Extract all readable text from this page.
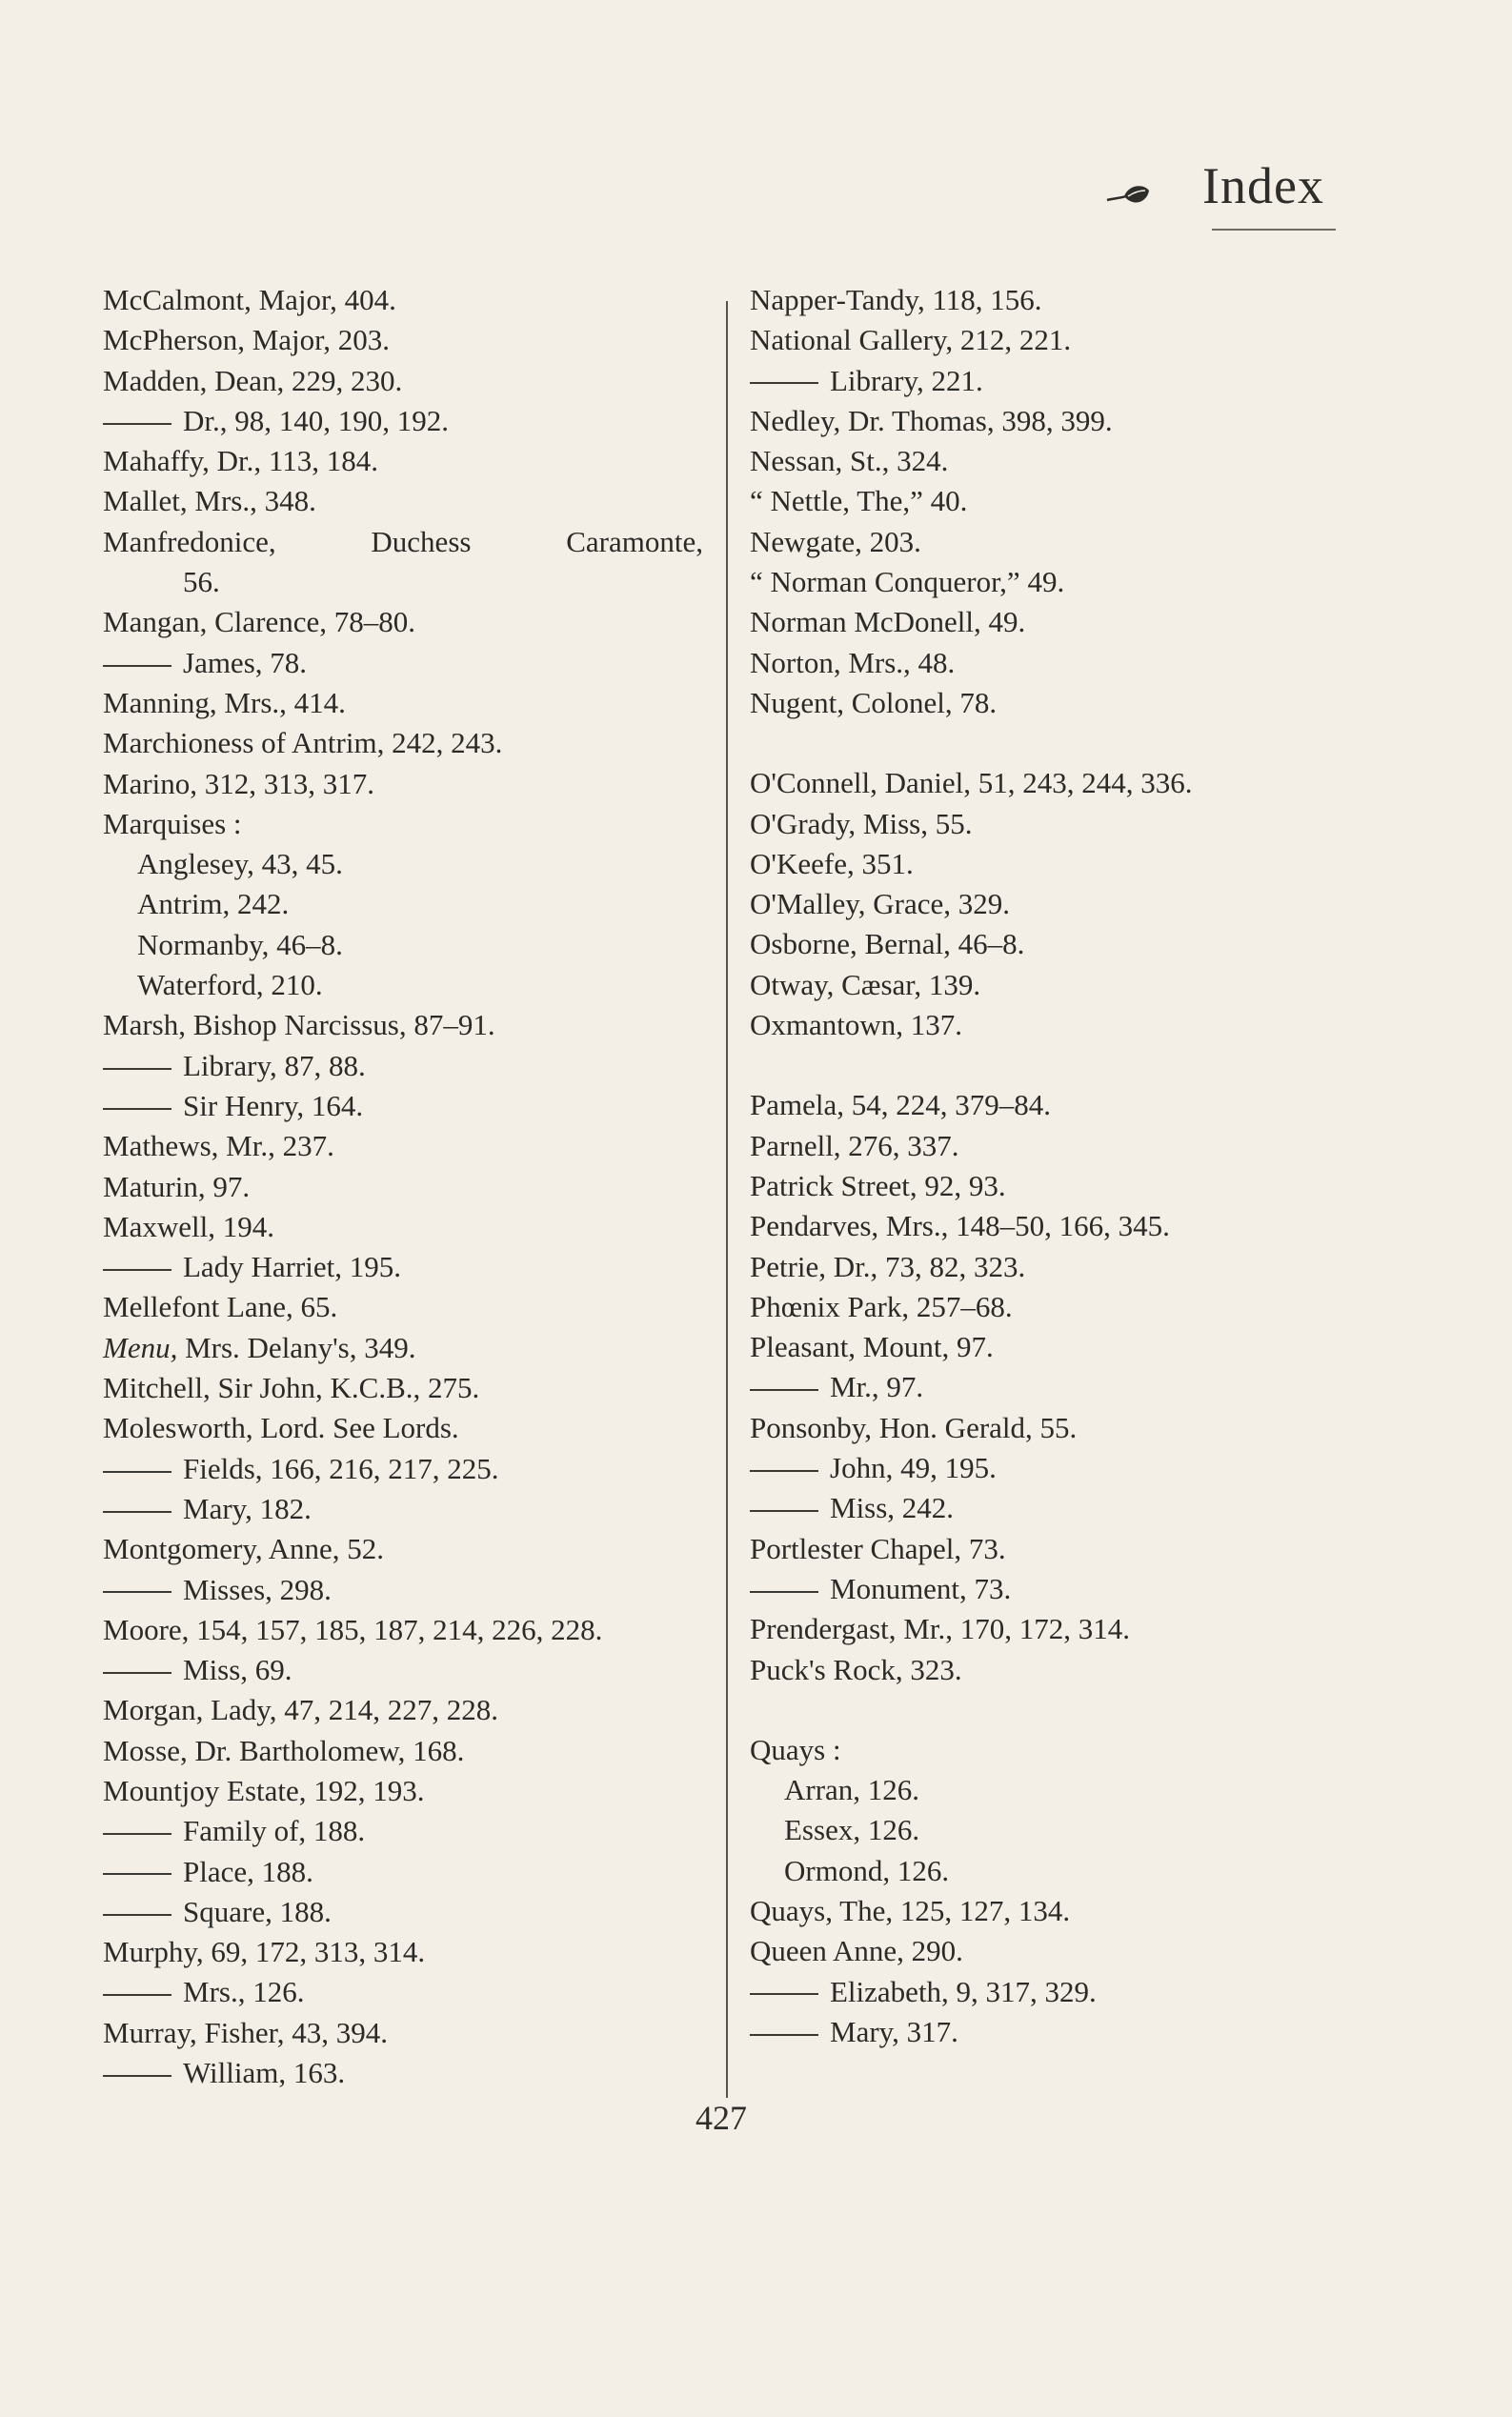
Index
McCalmont, Major, 404.
McPherson, Major, 203.
Madden, Dean, 229, 230.
Dr., 98, 140, 190, 192.
Mahaffy, Dr., 113, 184.
Mallet, Mrs., 348.
Manfredonice, Duchess Caramonte,
56.
Mangan, Clarence, 78–80.
James, 78.
Manning, Mrs., 414.
Marchioness of Antrim, 242, 243.
Marino, 312, 313, 317.
Marquises :
Anglesey, 43, 45.
Antrim, 242.
Normanby, 46–8.
Waterford, 210.
Marsh, Bishop Narcissus, 87–91.
Library, 87, 88.
Sir Henry, 164.
Mathews, Mr., 237.
Maturin, 97.
Maxwell, 194.
Lady Harriet, 195.
Mellefont Lane, 65.
Menu, Mrs. Delany's, 349.
Mitchell, Sir John, K.C.B., 275.
Molesworth, Lord. See Lords.
Fields, 166, 216, 217, 225.
Mary, 182.
Montgomery, Anne, 52.
Misses, 298.
Moore, 154, 157, 185, 187, 214, 226, 228.
Miss, 69.
Morgan, Lady, 47, 214, 227, 228.
Mosse, Dr. Bartholomew, 168.
Mountjoy Estate, 192, 193.
Family of, 188.
Place, 188.
Square, 188.
Murphy, 69, 172, 313, 314.
Mrs., 126.
Murray, Fisher, 43, 394.
William, 163.
Napper-Tandy, 118, 156.
National Gallery, 212, 221.
Library, 221.
Nedley, Dr. Thomas, 398, 399.
Nessan, St., 324.
“ Nettle, The,” 40.
Newgate, 203.
“ Norman Conqueror,” 49.
Norman McDonell, 49.
Norton, Mrs., 48.
Nugent, Colonel, 78.
O'Connell, Daniel, 51, 243, 244, 336.
O'Grady, Miss, 55.
O'Keefe, 351.
O'Malley, Grace, 329.
Osborne, Bernal, 46–8.
Otway, Cæsar, 139.
Oxmantown, 137.
Pamela, 54, 224, 379–84.
Parnell, 276, 337.
Patrick Street, 92, 93.
Pendarves, Mrs., 148–50, 166, 345.
Petrie, Dr., 73, 82, 323.
Phœnix Park, 257–68.
Pleasant, Mount, 97.
Mr., 97.
Ponsonby, Hon. Gerald, 55.
John, 49, 195.
Miss, 242.
Portlester Chapel, 73.
Monument, 73.
Prendergast, Mr., 170, 172, 314.
Puck's Rock, 323.
Quays :
Arran, 126.
Essex, 126.
Ormond, 126.
Quays, The, 125, 127, 134.
Queen Anne, 290.
Elizabeth, 9, 317, 329.
Mary, 317.
427
